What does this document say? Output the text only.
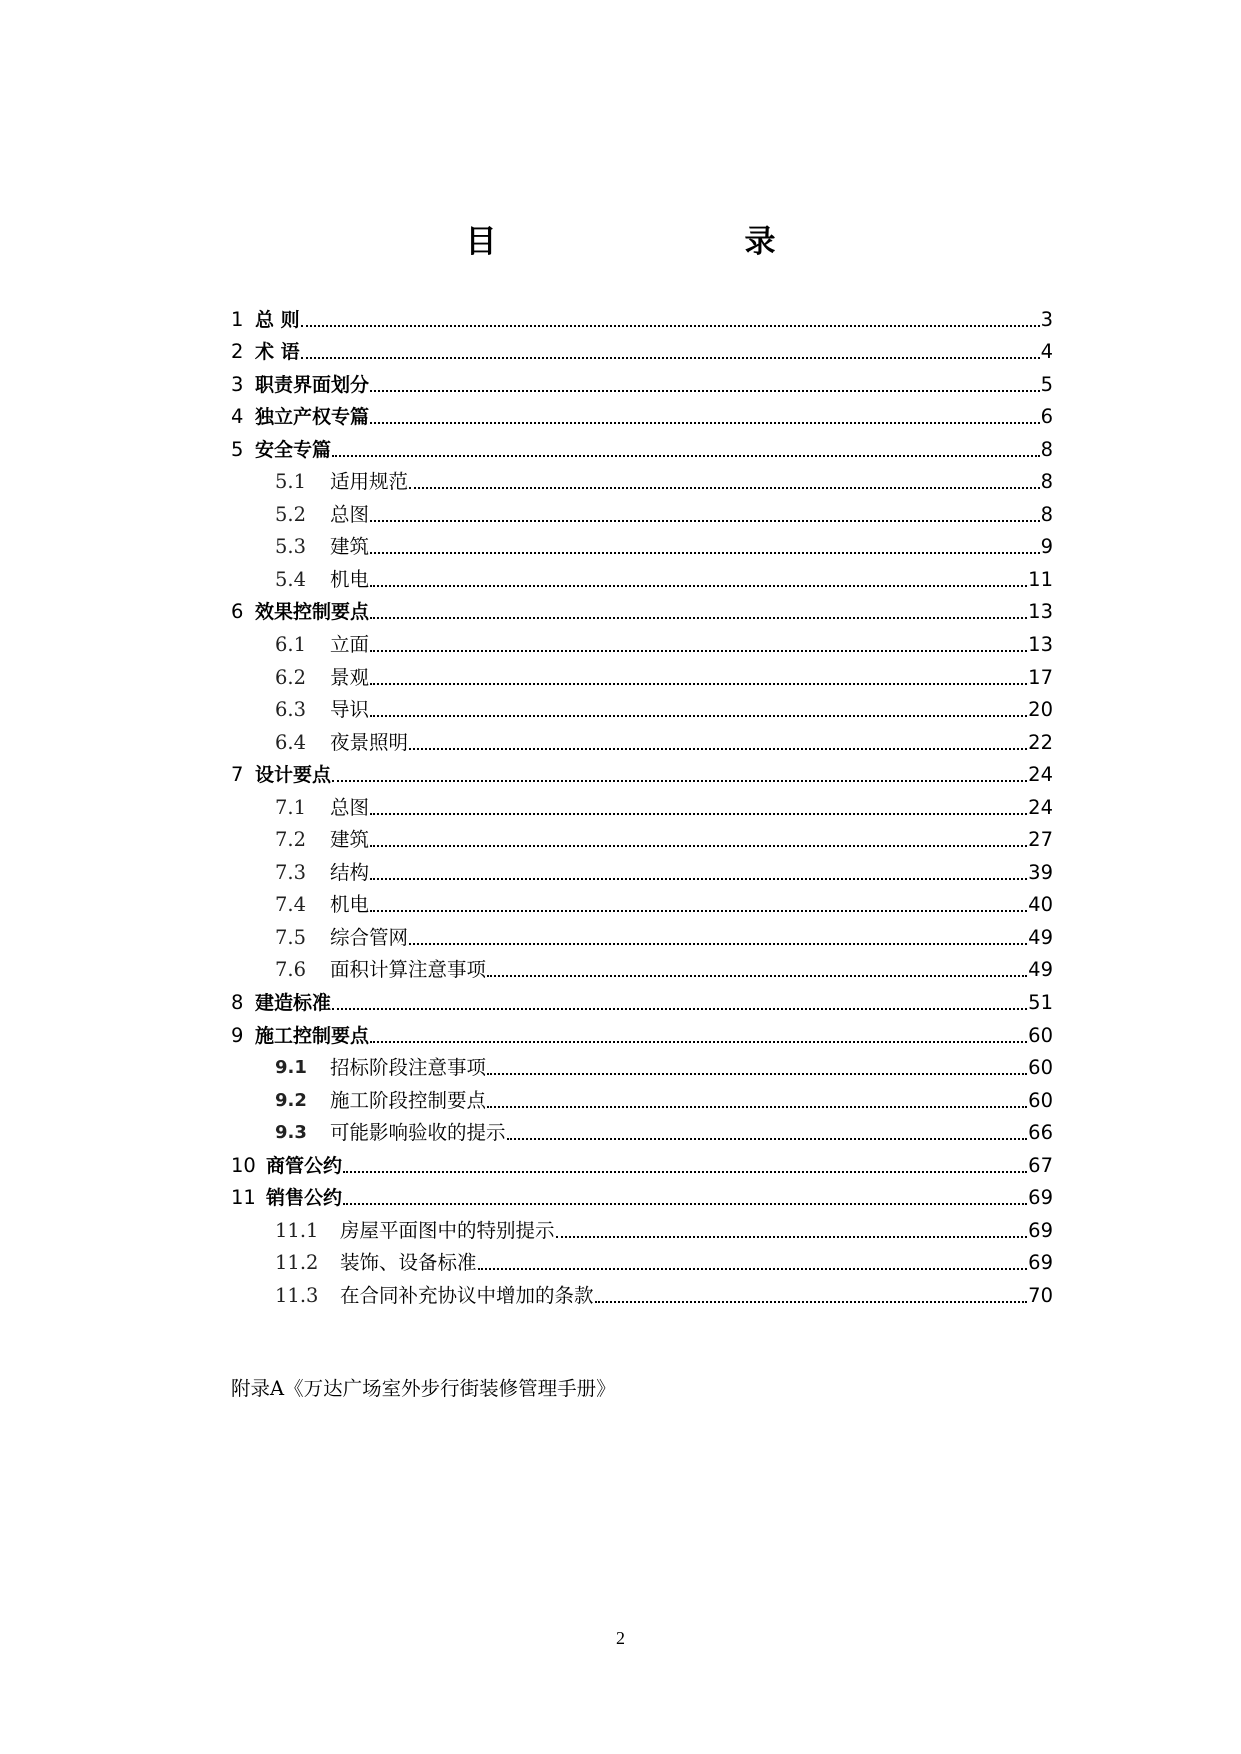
目　　录
1 总 则	3
2 术 语	4
3 职责界面划分	5
4 独立产权专篇	6
5 安全专篇	8
5.1	适用规范	8
5.2	总图	8
5.3	建筑	9
5.4	机电	11
6 效果控制要点	13
6.1	立面	13
6.2	景观	17
6.3	导识	20
6.4	夜景照明	22
7 设计要点	24
7.1	总图	24
7.2	建筑	27
7.3	结构	39
7.4	机电	40
7.5	综合管网	49
7.6	面积计算注意事项	49
8 建造标准	51
9 施工控制要点	60
9.1	招标阶段注意事项	60
9.2	施工阶段控制要点	60
9.3	可能影响验收的提示	66
10 商管公约	67
11 销售公约	69
11.1	房屋平面图中的特别提示	69
11.2	装饰、设备标准	69
11.3	在合同补充协议中增加的条款	70

附录A《万达广场室外步行街装修管理手册》

2
